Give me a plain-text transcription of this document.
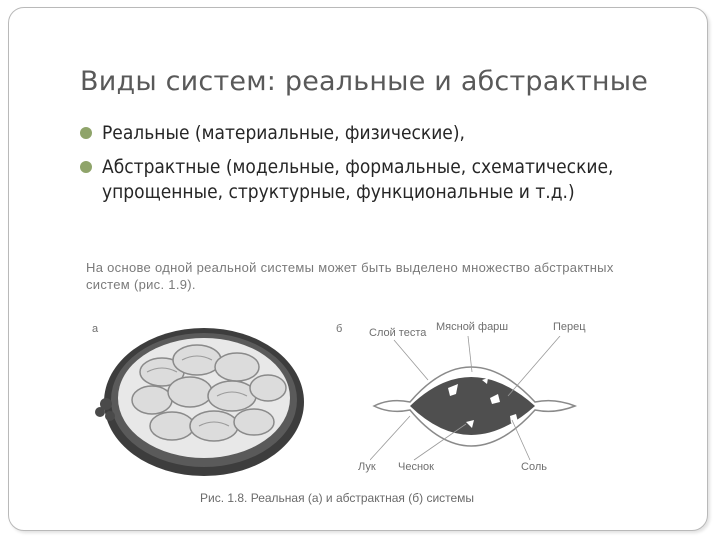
Виды систем: реальные и абстрактные
Реальные (материальные, физические),
Абстрактные (модельные, формальные, схематические, упрощенные, структурные, функциональные и т.д.)
На основе одной реальной системы может быть выделено множество абстрактных систем (рис. 1.9).
а	б Слой теста Мясной фарш	Перец
Лук Чеснок	Соль
Рис. 1.8. Реальная (а) и абстрактная (б) системы
